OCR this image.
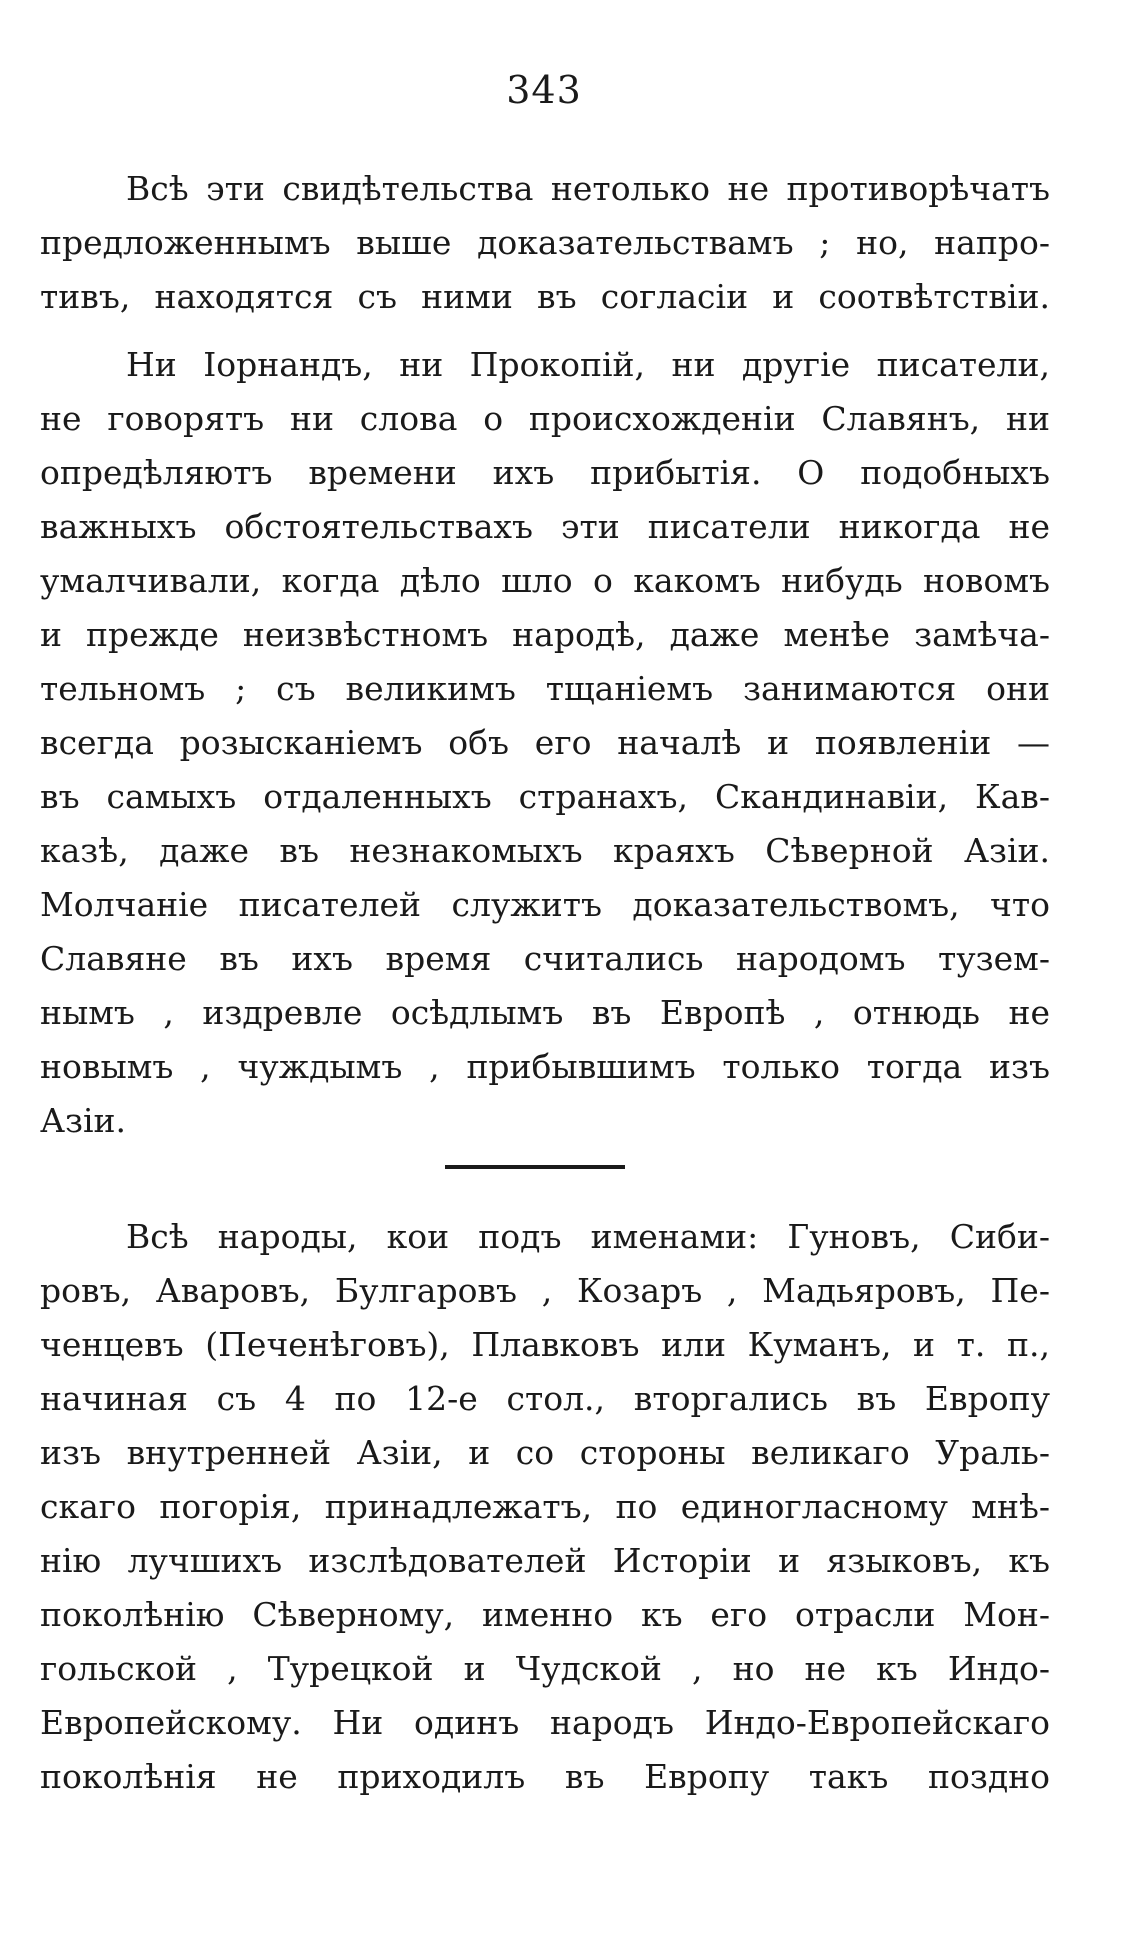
343
Всѣ эти свидѣтельства нетолько не противорѣчатъ
предложеннымъ выше доказательствамъ ; но, напро-
тивъ, находятся съ ними въ согласіи и соотвѣтствіи.
Ни Іорнандъ, ни Прокопій, ни другіе писатели,
не говорятъ ни слова о происхожденіи Славянъ, ни
опредѣляютъ времени ихъ прибытія. О подобныхъ
важныхъ обстоятельствахъ эти писатели никогда не
умалчивали, когда дѣло шло о какомъ нибудь новомъ
и прежде неизвѣстномъ народѣ, даже менѣе замѣча-
тельномъ ; съ великимъ тщаніемъ занимаются они
всегда розысканіемъ объ его началѣ и появленіи —
въ самыхъ отдаленныхъ странахъ, Скандинавіи, Кав-
казѣ, даже въ незнакомыхъ краяхъ Сѣверной Азіи.
Молчаніе писателей служитъ доказательствомъ, что
Славяне въ ихъ время считались народомъ тузем-
нымъ , издревле осѣдлымъ въ Европѣ , отнюдь не
новымъ , чуждымъ , прибывшимъ только тогда изъ
Азіи.
Всѣ народы, кои подъ именами: Гуновъ, Сиби-
ровъ, Аваровъ, Булгаровъ , Козаръ , Мадьяровъ, Пе-
ченцевъ (Печенѣговъ), Плавковъ или Куманъ, и т. п.,
начиная съ 4 по 12-е стол., вторгались въ Европу
изъ внутренней Азіи, и со стороны великаго Ураль-
скаго погорія, принадлежатъ, по единогласному мнѣ-
нію лучшихъ изслѣдователей Исторіи и языковъ, къ
поколѣнію Сѣверному, именно къ его отрасли Мон-
гольской , Турецкой и Чудской , но не къ Индо-
Европейскому. Ни одинъ народъ Индо-Европейскаго
поколѣнія не приходилъ въ Европу такъ поздно
